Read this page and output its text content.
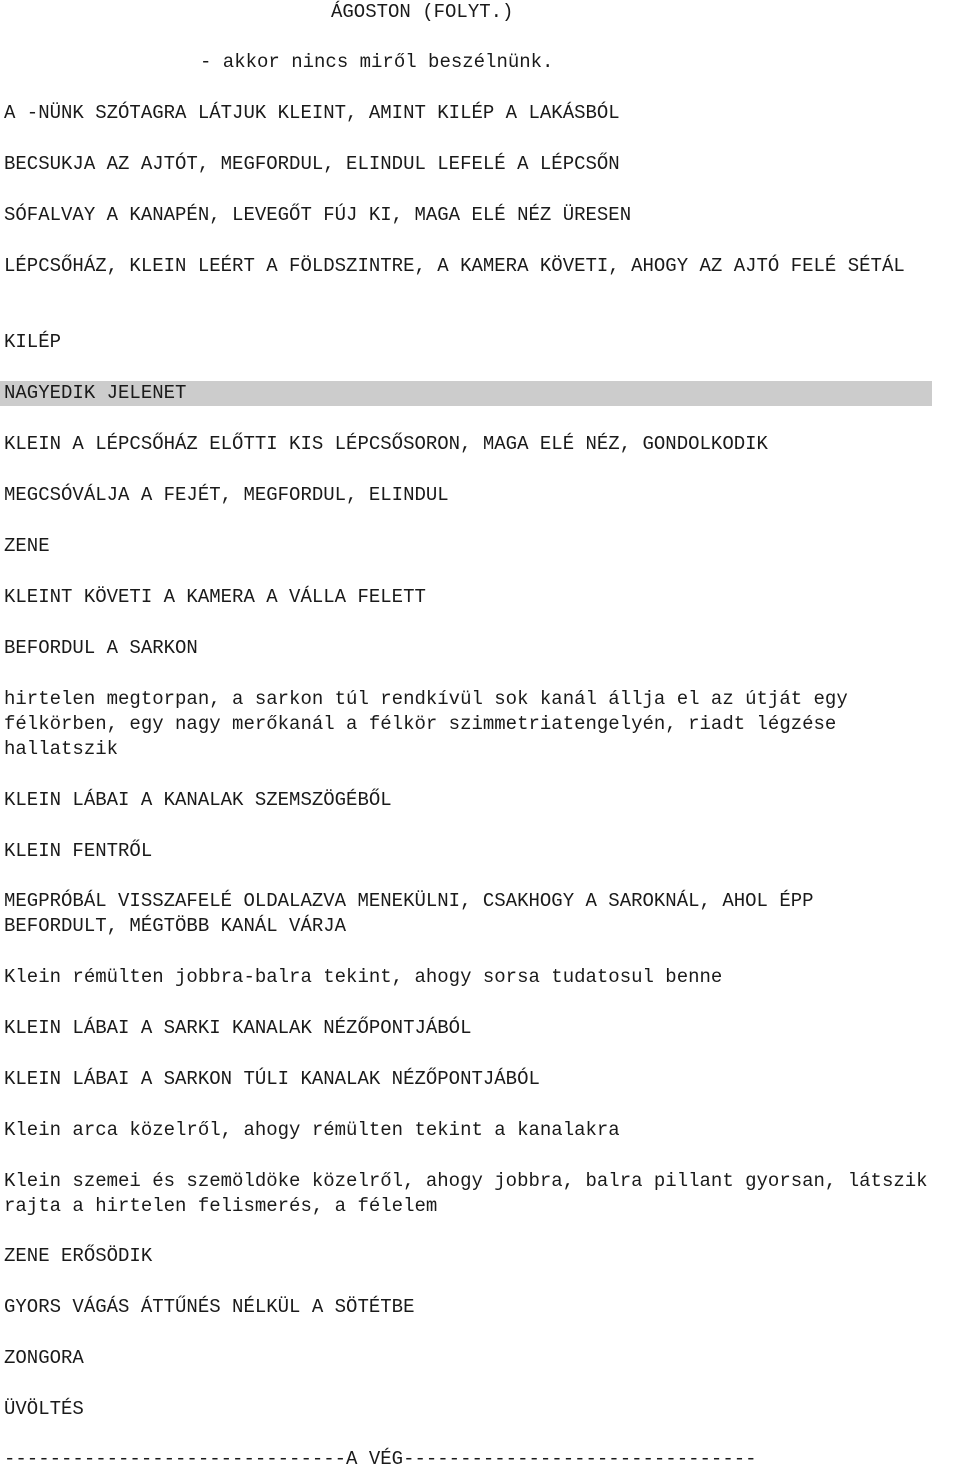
ÁGOSTON (FOLYT.)

- akkor nincs miről beszélnünk.

A -NÜNK SZÓTAGRA LÁTJUK KLEINT, AMINT KILÉP A LAKÁSBÓL

BECSUKJA AZ AJTÓT, MEGFORDUL, ELINDUL LEFELÉ A LÉPCSŐN

SÓFALVAY A KANAPÉN, LEVEGŐT FÚJ KI, MAGA ELÉ NÉZ ÜRESEN

LÉPCSŐHÁZ, KLEIN LEÉRT A FÖLDSZINTRE, A KAMERA KÖVETI, AHOGY AZ AJTÓ FELÉ SÉTÁL

KILÉP

NAGYEDIK JELENET

KLEIN A LÉPCSŐHÁZ ELŐTTI KIS LÉPCSŐSORON, MAGA ELÉ NÉZ, GONDOLKODIK

MEGCSÓVÁLJA A FEJÉT, MEGFORDUL, ELINDUL

ZENE

KLEINT KÖVETI A KAMERA A VÁLLA FELETT

BEFORDUL A SARKON

hirtelen megtorpan, a sarkon túl rendkívül sok kanál állja el az útját egy félkörben, egy nagy merőkanál a félkör szimmetriatengelyén, riadt légzése hallatszik

KLEIN LÁBAI A KANALAK SZEMSZÖGÉBŐL

KLEIN FENTRŐL

MEGPRÓBÁL VISSZAFELÉ OLDALAZVA MENEKÜLNI, CSAKHOGY A SAROKNÁL, AHOL ÉPP BEFORDULT, MÉGTÖBB KANÁL VÁRJA

Klein rémülten jobbra-balra tekint, ahogy sorsa tudatosul benne

KLEIN LÁBAI A SARKI KANALAK NÉZŐPONTJÁBÓL

KLEIN LÁBAI A SARKON TÚLI KANALAK NÉZŐPONTJÁBÓL

Klein arca közelről, ahogy rémülten tekint a kanalakra

Klein szemei és szemöldöke közelről, ahogy jobbra, balra pillant gyorsan, látszik rajta a hirtelen felismerés, a félelem

ZENE ERŐSÖDIK

GYORS VÁGÁS ÁTTŰNÉS NÉLKÜL A SÖTÉTBE

ZONGORA

ÜVÖLTÉS

------------------------------A VÉG-------------------------------
